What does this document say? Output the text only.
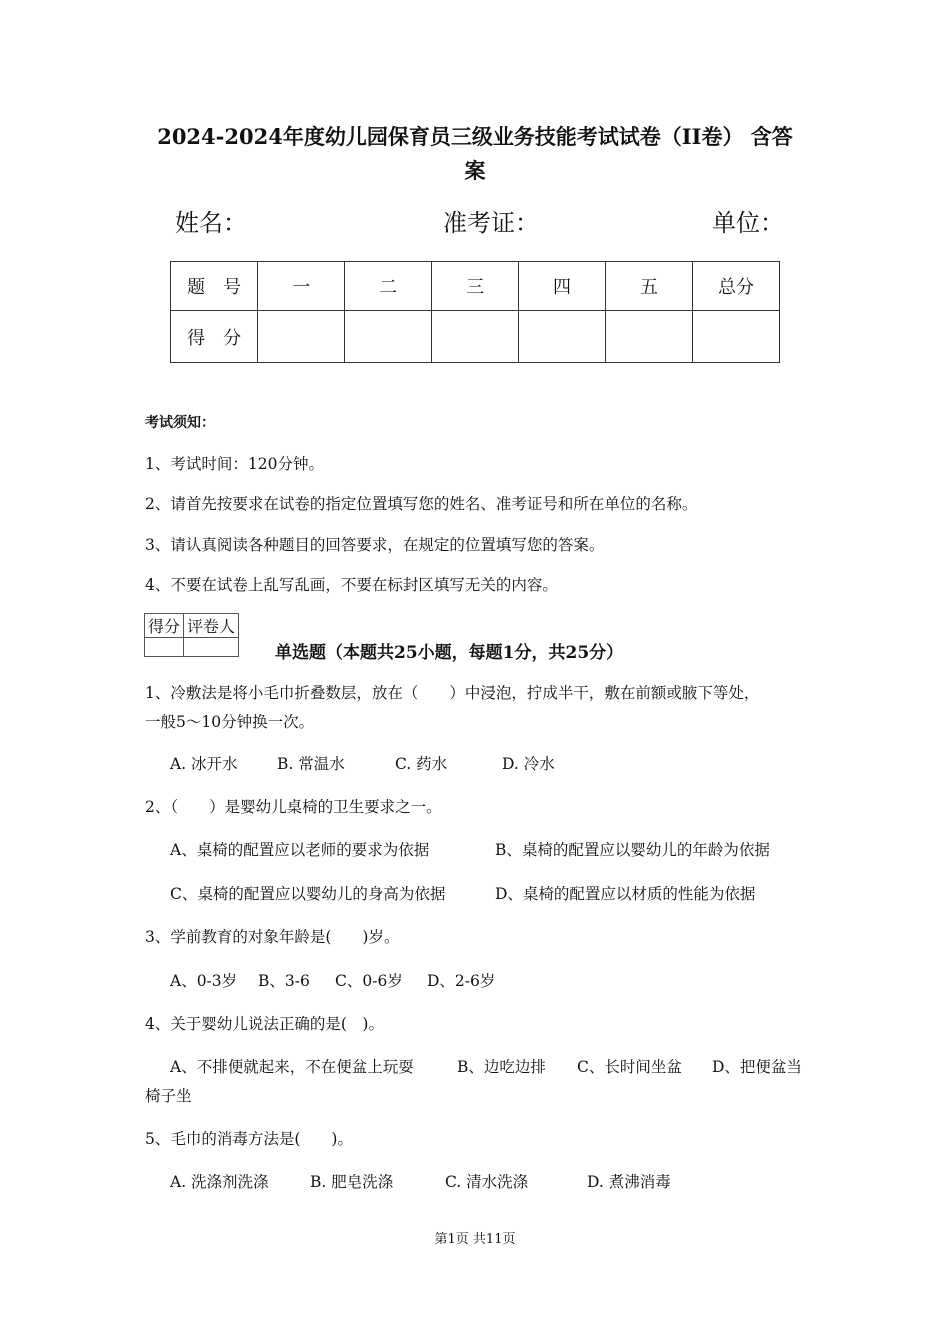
2024-2024年度幼儿园保育员三级业务技能考试试卷（II卷） 含答
案
姓名：	准考证：	单位：
题　号	一	二	三	四	五	总分
得　分						
考试须知：
1、考试时间：120分钟。
2、请首先按要求在试卷的指定位置填写您的姓名、准考证号和所在单位的名称。
3、请认真阅读各种题目的回答要求，在规定的位置填写您的答案。
4、不要在试卷上乱写乱画，不要在标封区填写无关的内容。
得分	评卷人

单选题（本题共25小题，每题1分，共25分）
1、冷敷法是将小毛巾折叠数层，放在（　　）中浸泡，拧成半干，敷在前额或腋下等处，
一般5～10分钟换一次。
A. 冰开水	B. 常温水	C. 药水	D. 冷水
2、（　　）是婴幼儿桌椅的卫生要求之一。
A、桌椅的配置应以老师的要求为依据	B、桌椅的配置应以婴幼儿的年龄为依据
C、桌椅的配置应以婴幼儿的身高为依据	D、桌椅的配置应以材质的性能为依据
3、学前教育的对象年龄是(　　)岁。
A、0-3岁 B、3-6 C、0-6岁 D、2-6岁
4、关于婴幼儿说法正确的是(　)。
A、不排便就起来，不在便盆上玩耍	B、边吃边排 C、长时间坐盆 D、把便盆当
椅子坐
5、毛巾的消毒方法是(　　)。
A. 洗涤剂洗涤	B. 肥皂洗涤	C. 清水洗涤	D. 煮沸消毒
第1页 共11页
